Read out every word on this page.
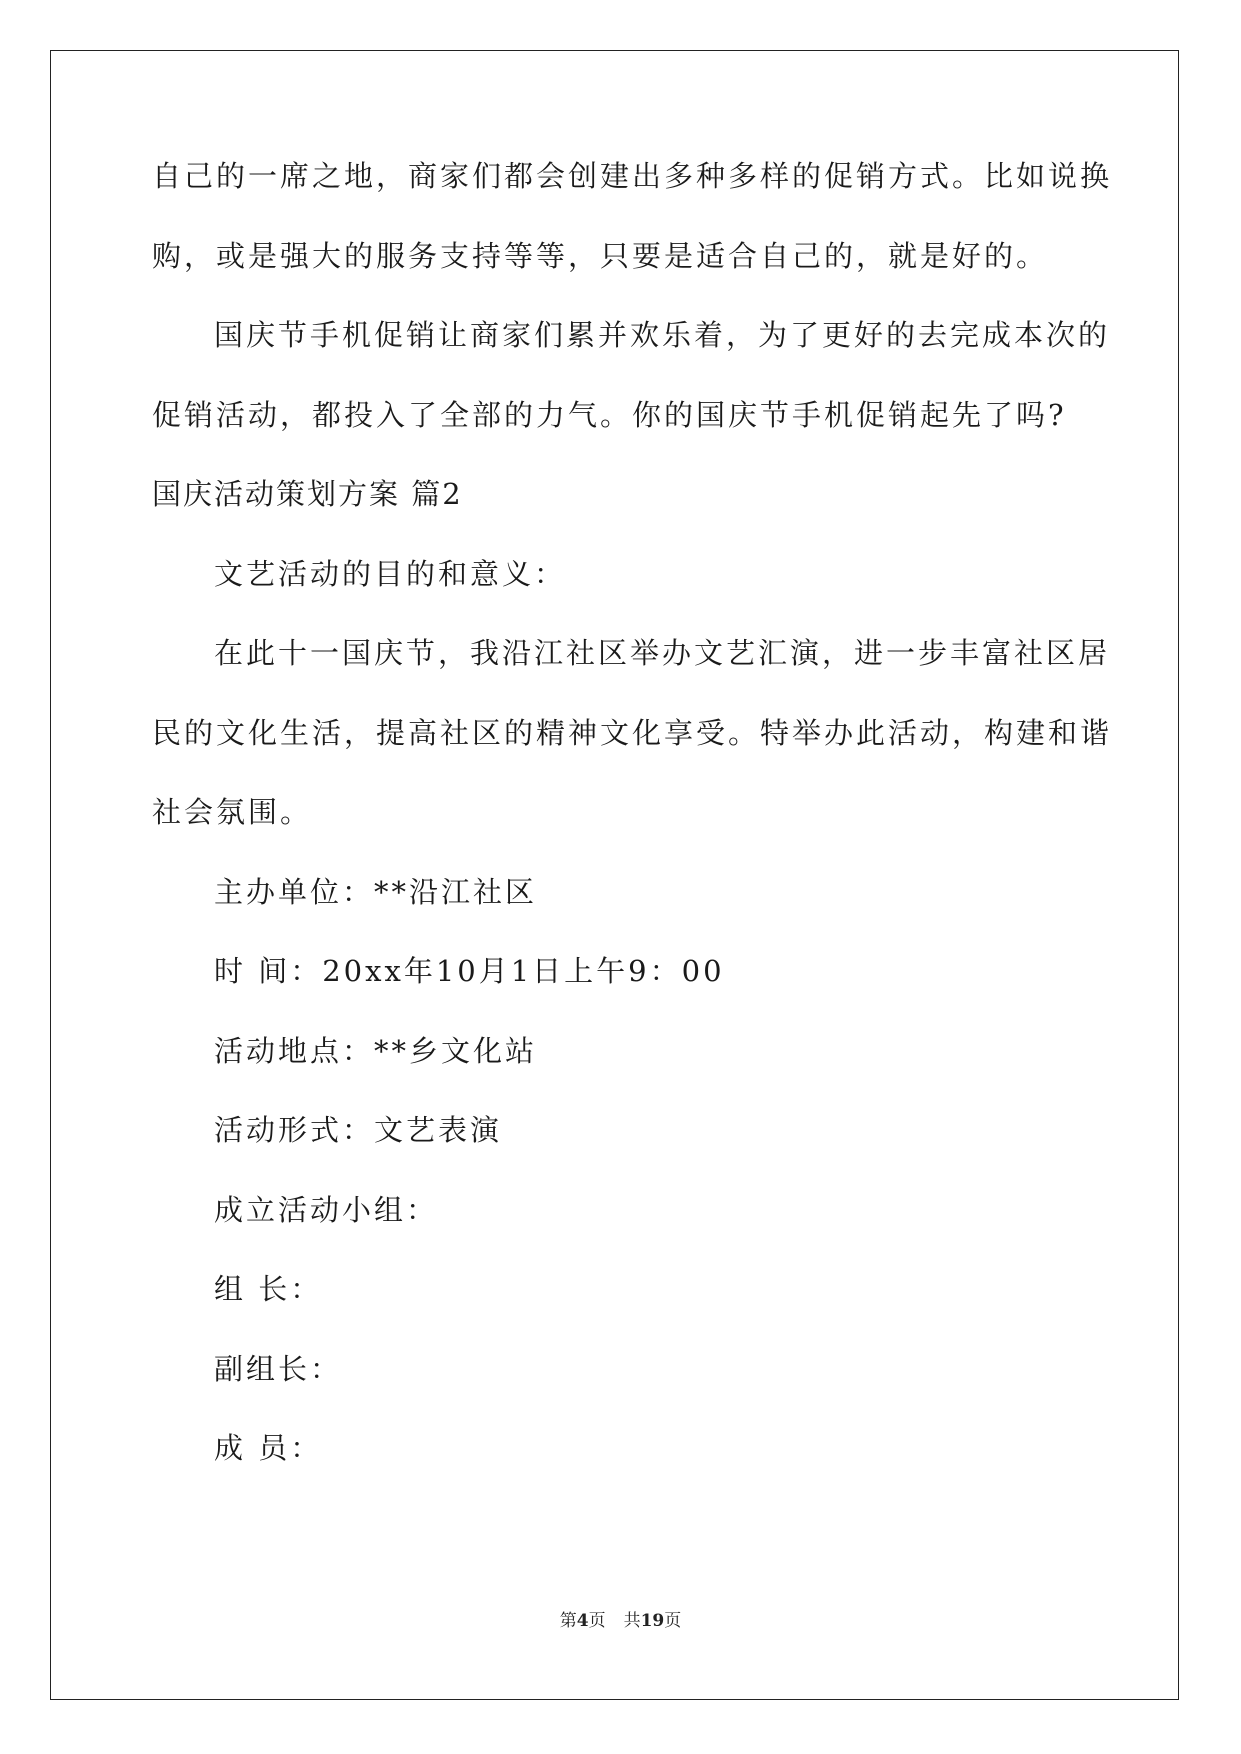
自己的一席之地，商家们都会创建出多种多样的促销方式。比如说换
购，或是强大的服务支持等等，只要是适合自己的，就是好的。
国庆节手机促销让商家们累并欢乐着，为了更好的去完成本次的
促销活动，都投入了全部的力气。你的国庆节手机促销起先了吗?
国庆活动策划方案 篇2
文艺活动的目的和意义：
在此十一国庆节，我沿江社区举办文艺汇演，进一步丰富社区居
民的文化生活，提高社区的精神文化享受。特举办此活动，构建和谐
社会氛围。
主办单位：**沿江社区
时 间：20xx年10月1日上午9：00
活动地点：**乡文化站
活动形式：文艺表演
成立活动小组：
组 长：
副组长：
成 员：
第4页 共19页
